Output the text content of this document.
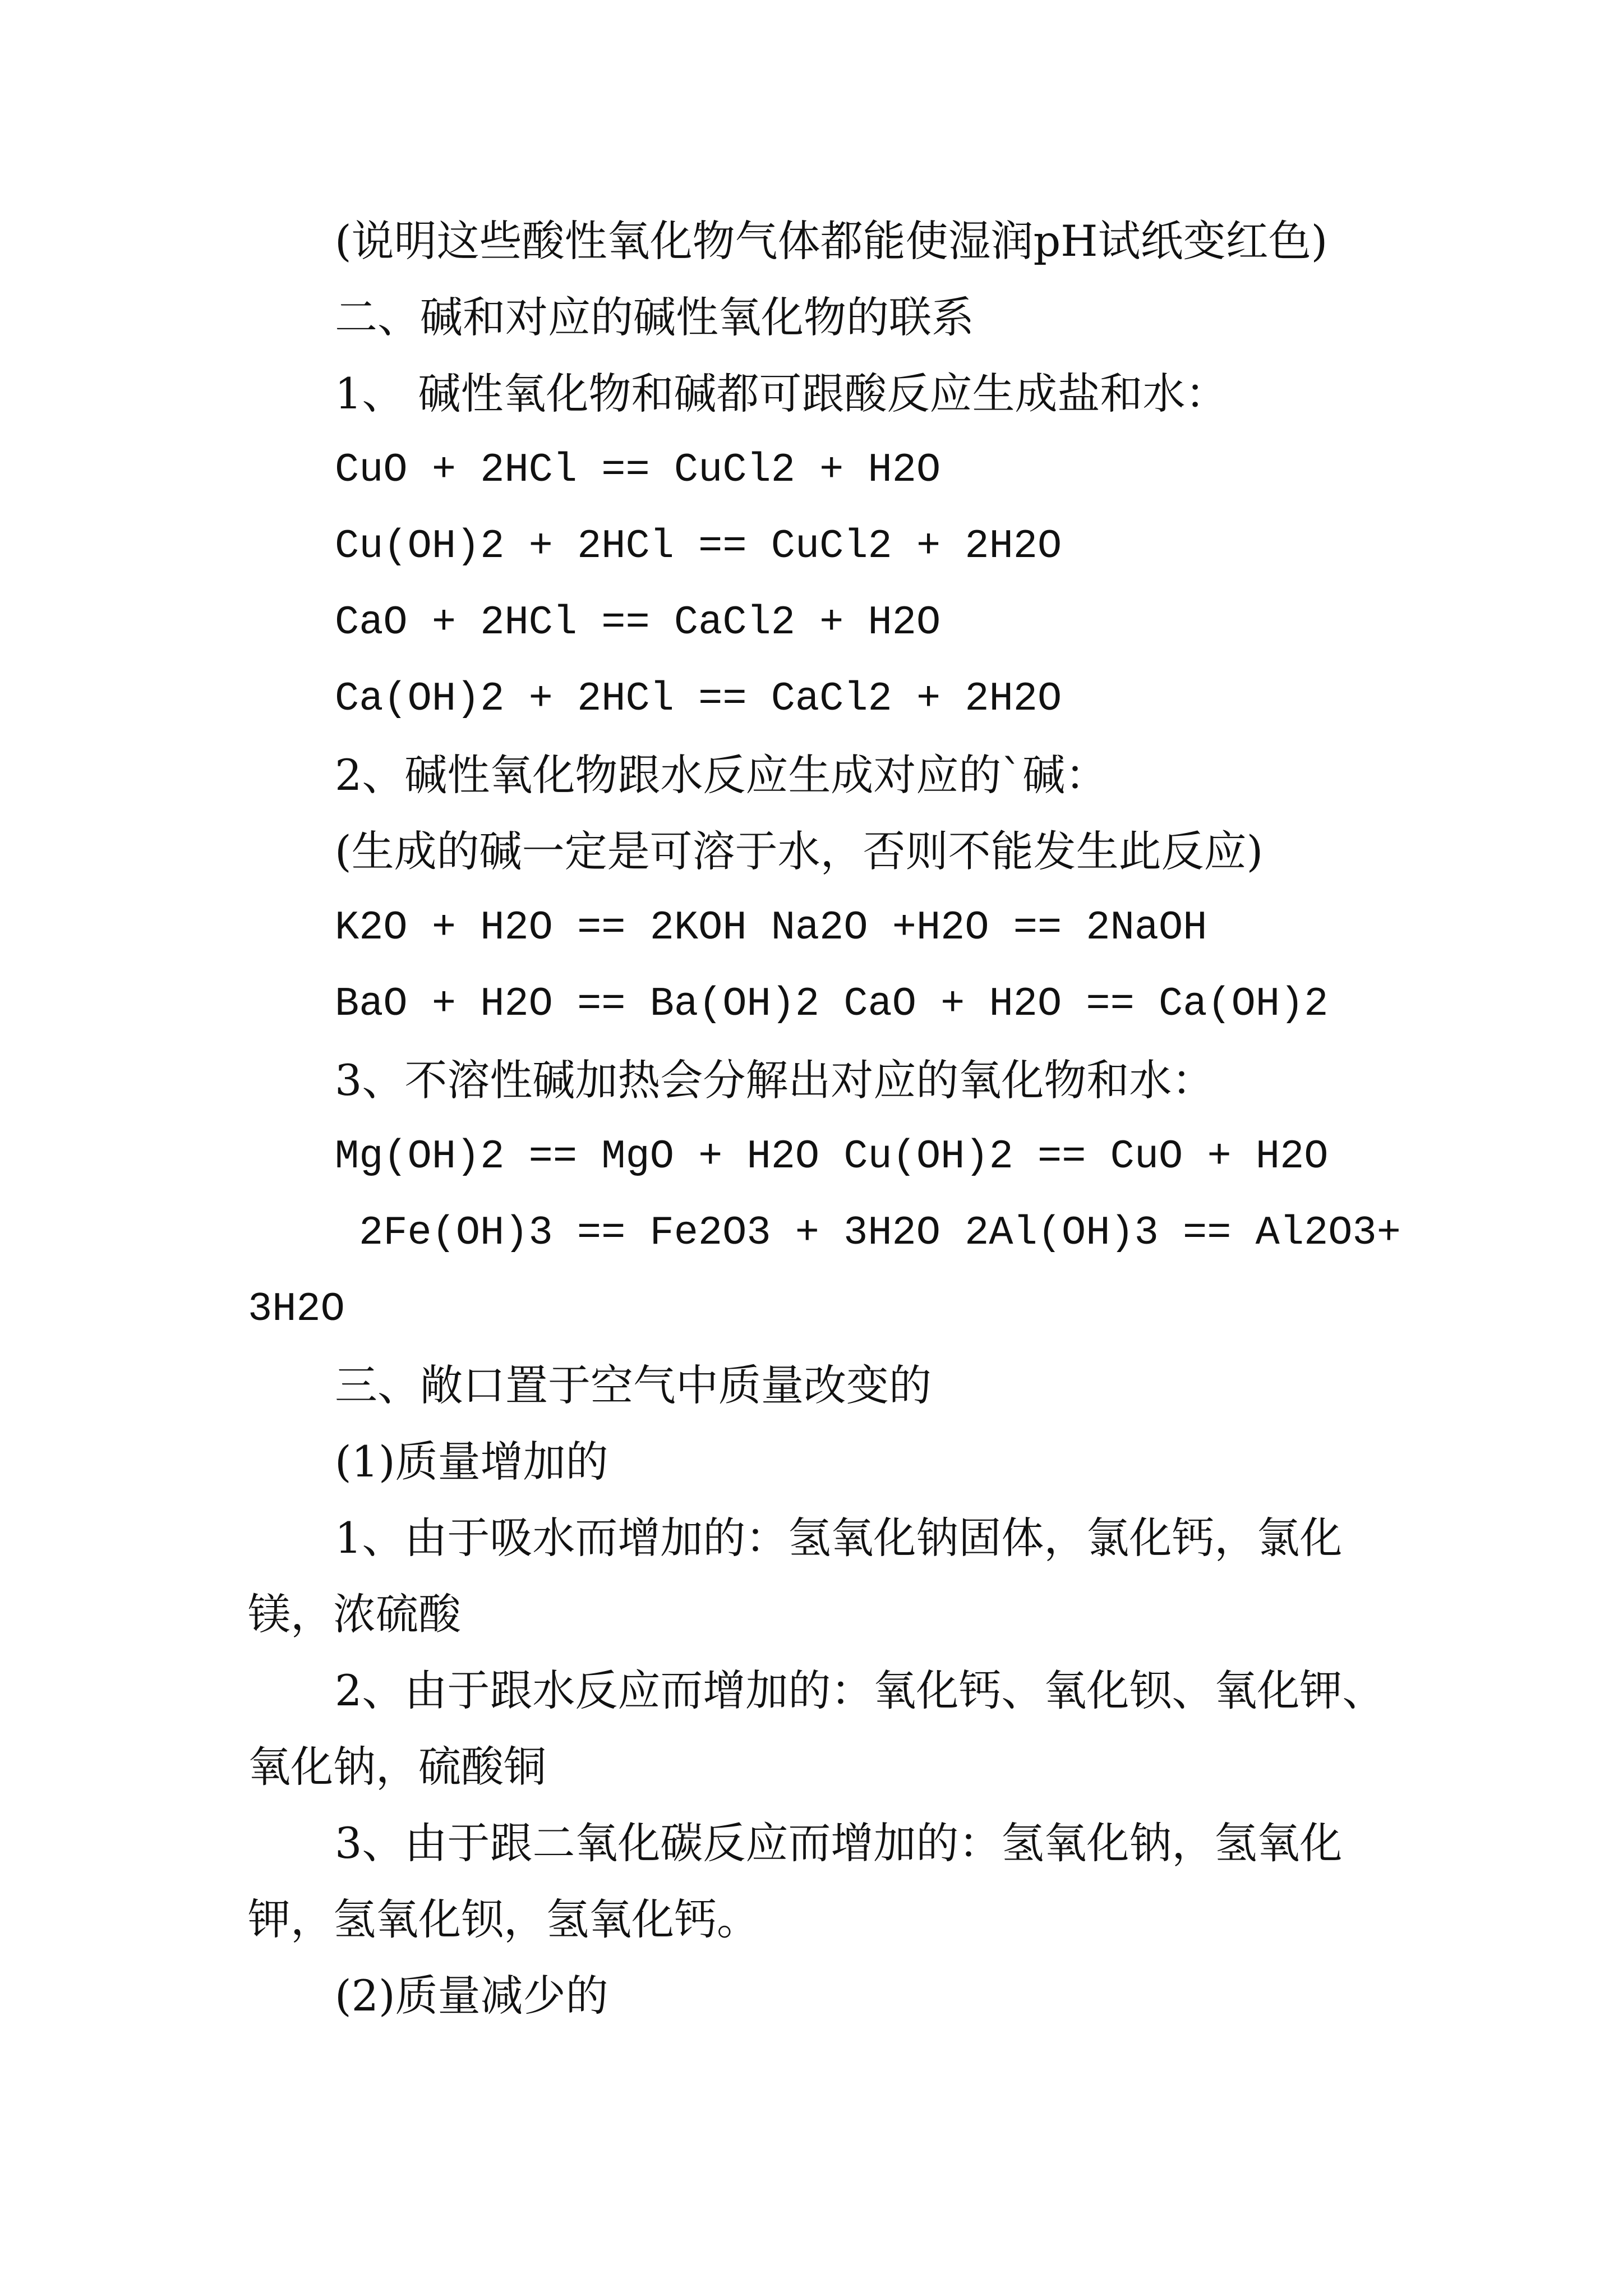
(说明这些酸性氧化物气体都能使湿润pH试纸变红色)
二、碱和对应的碱性氧化物的联系
1、 碱性氧化物和碱都可跟酸反应生成盐和水：
CuO + 2HCl == CuCl2 + H2O
Cu(OH)2 + 2HCl == CuCl2 + 2H2O
CaO + 2HCl == CaCl2 + H2O
Ca(OH)2 + 2HCl == CaCl2 + 2H2O
2、碱性氧化物跟水反应生成对应的`碱：
(生成的碱一定是可溶于水，否则不能发生此反应)
K2O + H2O == 2KOH Na2O +H2O == 2NaOH
BaO + H2O == Ba(OH)2 CaO + H2O == Ca(OH)2
3、不溶性碱加热会分解出对应的氧化物和水：
Mg(OH)2 == MgO + H2O Cu(OH)2 == CuO + H2O
2Fe(OH)3 == Fe2O3 + 3H2O 2Al(OH)3 == Al2O3+
3H2O
三、敞口置于空气中质量改变的
(1)质量增加的
1、由于吸水而增加的：氢氧化钠固体，氯化钙，氯化
镁，浓硫酸
2、由于跟水反应而增加的：氧化钙、氧化钡、氧化钾、
氧化钠，硫酸铜
3、由于跟二氧化碳反应而增加的：氢氧化钠，氢氧化
钾，氢氧化钡，氢氧化钙。
(2)质量减少的
